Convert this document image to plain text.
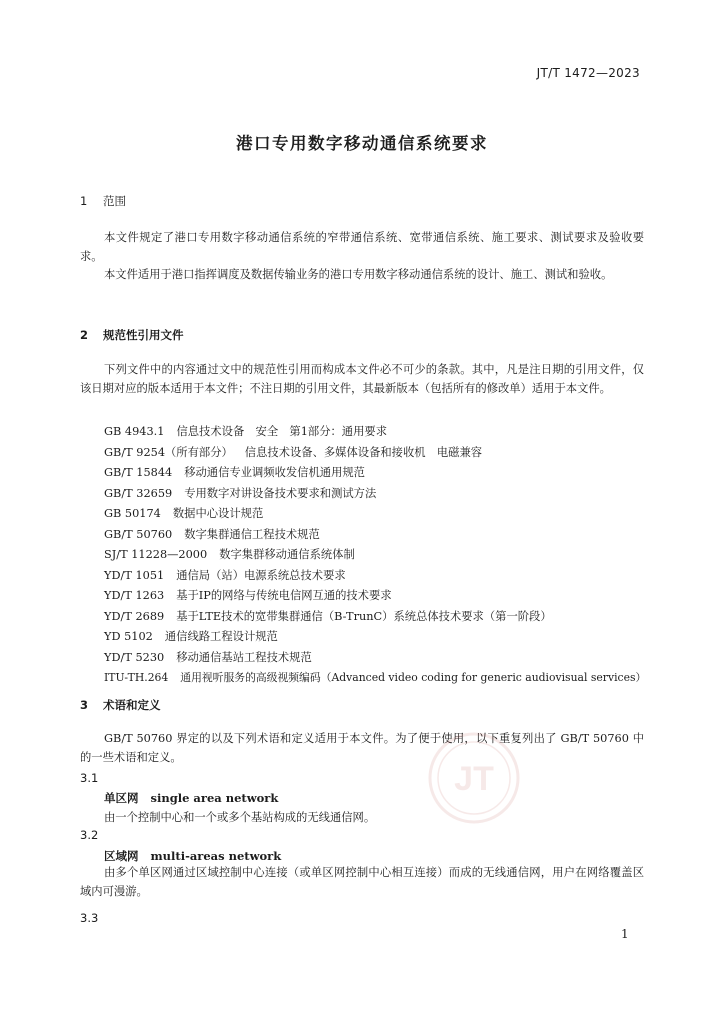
JT/T 1472—2023
港口专用数字移动通信系统要求
1 范围

本文件规定了港口专用数字移动通信系统的窄带通信系统、宽带通信系统、施工要求、测试要求及验收要求。

本文件适用于港口指挥调度及数据传输业务的港口专用数字移动通信系统的设计、施工、测试和验收。

2 规范性引用文件

下列文件中的内容通过文中的规范性引用而构成本文件必不可少的条款。其中，凡是注日期的引用文件，仅该日期对应的版本适用于本文件；不注日期的引用文件，其最新版本（包括所有的修改单）适用于本文件。

GB 4943.1 信息技术设备　安全　第1部分：通用要求
GB/T 9254（所有部分） 信息技术设备、多媒体设备和接收机　电磁兼容
GB/T 15844 移动通信专业调频收发信机通用规范
GB/T 32659 专用数字对讲设备技术要求和测试方法
GB 50174 数据中心设计规范
GB/T 50760 数字集群通信工程技术规范
SJ/T 11228—2000 数字集群移动通信系统体制
YD/T 1051 通信局（站）电源系统总技术要求
YD/T 1263 基于IP的网络与传统电信网互通的技术要求
YD/T 2689 基于LTE技术的宽带集群通信（B-TrunC）系统总体技术要求（第一阶段）
YD 5102 通信线路工程设计规范
YD/T 5230 移动通信基站工程技术规范
ITU-TH.264 通用视听服务的高级视频编码（Advanced video coding for generic audiovisual services）
3 术语和定义

GB/T 50760 界定的以及下列术语和定义适用于本文件。为了便于使用，以下重复列出了 GB/T 50760 中的一些术语和定义。

3.1
单区网 single area network
由一个控制中心和一个或多个基站构成的无线通信网。
3.2
区域网 multi-areas network

由多个单区网通过区域控制中心连接（或单区网控制中心相互连接）而成的无线通信网，用户在网络覆盖区域内可漫游。

3.3
1
JT
